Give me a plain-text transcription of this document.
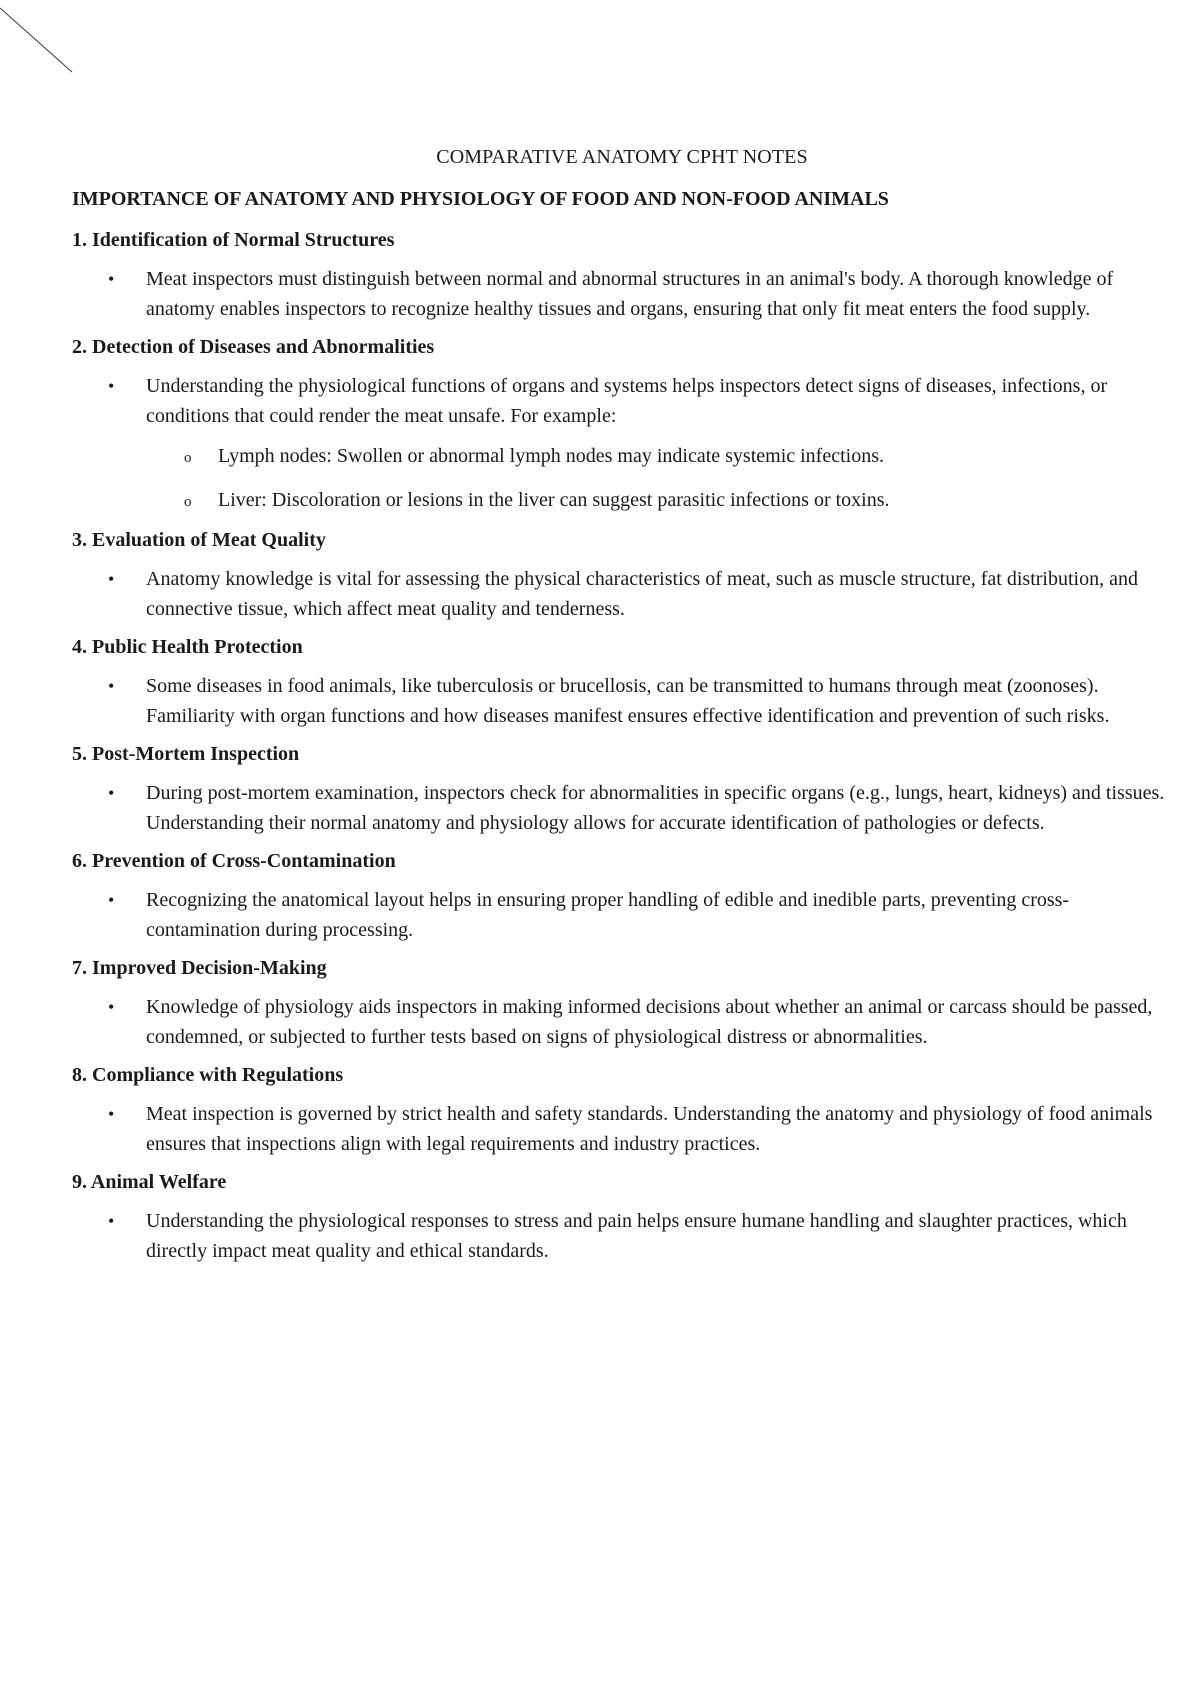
COMPARATIVE ANATOMY CPHT NOTES
IMPORTANCE OF ANATOMY AND PHYSIOLOGY OF FOOD AND NON-FOOD ANIMALS
1. Identification of Normal Structures
• Meat inspectors must distinguish between normal and abnormal structures in an animal's body. A thorough knowledge of anatomy enables inspectors to recognize healthy tissues and organs, ensuring that only fit meat enters the food supply.
2. Detection of Diseases and Abnormalities
• Understanding the physiological functions of organs and systems helps inspectors detect signs of diseases, infections, or conditions that could render the meat unsafe. For example:
o Lymph nodes: Swollen or abnormal lymph nodes may indicate systemic infections.
o Liver: Discoloration or lesions in the liver can suggest parasitic infections or toxins.
3. Evaluation of Meat Quality
• Anatomy knowledge is vital for assessing the physical characteristics of meat, such as muscle structure, fat distribution, and connective tissue, which affect meat quality and tenderness.
4. Public Health Protection
• Some diseases in food animals, like tuberculosis or brucellosis, can be transmitted to humans through meat (zoonoses). Familiarity with organ functions and how diseases manifest ensures effective identification and prevention of such risks.
5. Post-Mortem Inspection
• During post-mortem examination, inspectors check for abnormalities in specific organs (e.g., lungs, heart, kidneys) and tissues. Understanding their normal anatomy and physiology allows for accurate identification of pathologies or defects.
6. Prevention of Cross-Contamination
• Recognizing the anatomical layout helps in ensuring proper handling of edible and inedible parts, preventing cross-contamination during processing.
7. Improved Decision-Making
• Knowledge of physiology aids inspectors in making informed decisions about whether an animal or carcass should be passed, condemned, or subjected to further tests based on signs of physiological distress or abnormalities.
8. Compliance with Regulations
• Meat inspection is governed by strict health and safety standards. Understanding the anatomy and physiology of food animals ensures that inspections align with legal requirements and industry practices.
9. Animal Welfare
• Understanding the physiological responses to stress and pain helps ensure humane handling and slaughter practices, which directly impact meat quality and ethical standards.
